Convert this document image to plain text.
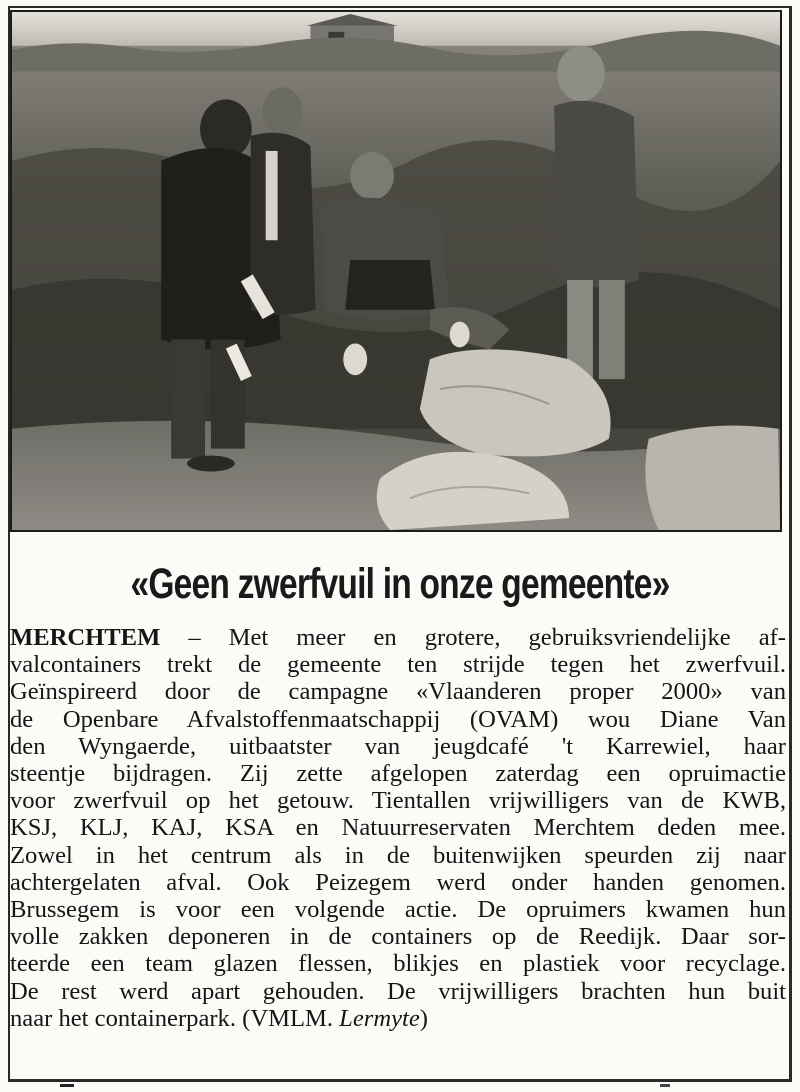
«Geen zwerfvuil in onze gemeente»
MERCHTEM – Met meer en grotere, gebruiksvriendelijke af-
valcontainers trekt de gemeente ten strijde tegen het zwerfvuil.
Geïnspireerd door de campagne «Vlaanderen proper 2000» van
de Openbare Afvalstoffenmaatschappij (OVAM) wou Diane Van
den Wyngaerde, uitbaatster van jeugdcafé 't Karrewiel, haar
steentje bijdragen. Zij zette afgelopen zaterdag een opruimactie
voor zwerfvuil op het getouw. Tientallen vrijwilligers van de KWB,
KSJ, KLJ, KAJ, KSA en Natuurreservaten Merchtem deden mee.
Zowel in het centrum als in de buitenwijken speurden zij naar
achtergelaten afval. Ook Peizegem werd onder handen genomen.
Brussegem is voor een volgende actie. De opruimers kwamen hun
volle zakken deponeren in de containers op de Reedijk. Daar sor-
teerde een team glazen flessen, blikjes en plastiek voor recyclage.
De rest werd apart gehouden. De vrijwilligers brachten hun buit
naar het containerpark. (VMLM. Lermyte)
